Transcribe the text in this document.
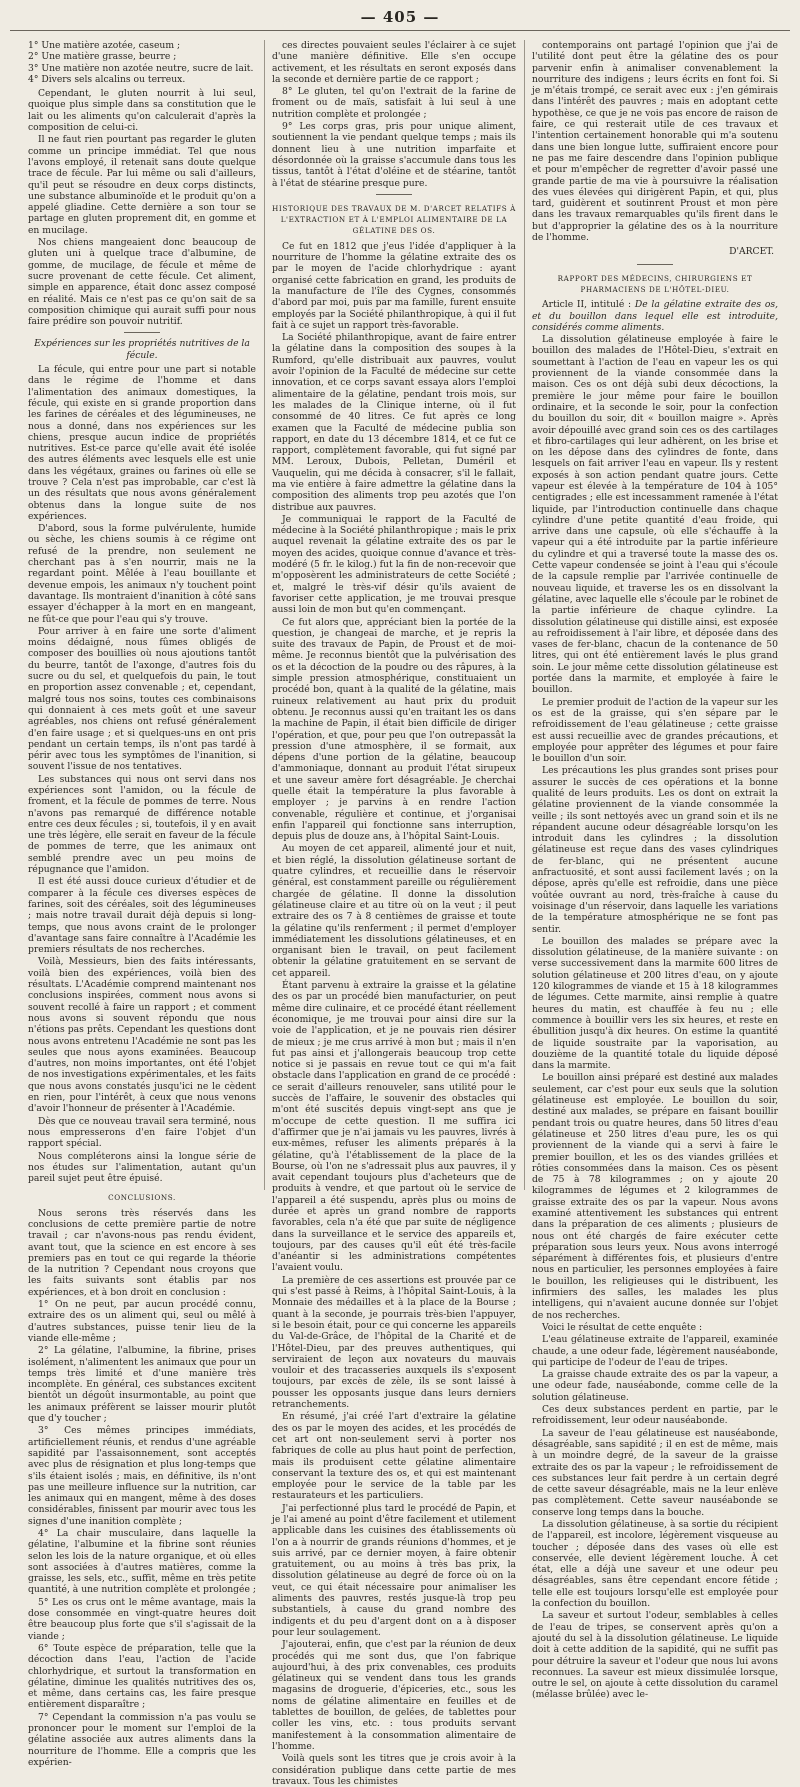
— 405 —
1° Une matière azotée, caseum ;
2° Une matière grasse, beurre ;
3° Une matière non azotée neutre, sucre de lait.
4° Divers sels alcalins ou terreux.

Cependant, le gluten nourrit à lui seul, quoique plus simple dans sa constitution que le lait ou les aliments qu'on calculerait d'après la composition de celui-ci.

Il ne faut rien pourtant pas regarder le gluten comme un principe immédiat. Tel que nous l'avons employé, il retenait sans doute quelque trace de fécule. Par lui même ou sali d'ailleurs, qu'il peut se résoudre en deux corps distincts, une substance albuminoïde et le produit qu'on a appelé gliadine. Cette dernière a son tour se partage en gluten proprement dit, en gomme et en mucilage.

Nos chiens mangeaient donc beaucoup de gluten uni à quelque trace d'albumine, de gomme, de mucilage, de fécule et même de sucre provenant de cette fécule. Cet aliment, simple en apparence, était donc assez composé en réalité. Mais ce n'est pas ce qu'on sait de sa composition chimique qui aurait suffi pour nous faire prédire son pouvoir nutritif.

Expériences sur les propriétés nutritives de la fécule.

La fécule, qui entre pour une part si notable dans le régime de l'homme et dans l'alimentation des animaux domestiques, la fécule, qui existe en si grande proportion dans les farines de céréales et des légumineuses, ne nous a donné, dans nos expériences sur les chiens, presque aucun indice de propriétés nutritives. Est-ce parce qu'elle avait été isolée des autres éléments avec lesquels elle est unie dans les végétaux, graines ou farines où elle se trouve ? Cela n'est pas improbable, car c'est là un des résultats que nous avons généralement obtenus dans la longue suite de nos expériences.

D'abord, sous la forme pulvérulente, humide ou sèche, les chiens soumis à ce régime ont refusé de la prendre, non seulement ne cherchant pas à s'en nourrir, mais ne la regardant point. Mêlée à l'eau bouillante et devenue empois, les animaux n'y touchent point davantage. Ils montraient d'inanition à côté sans essayer d'échapper à la mort en en mangeant, ne fût-ce que pour l'eau qui s'y trouve.

Pour arriver à en faire une sorte d'aliment moins dédaigné, nous fûmes obligés de composer des bouillies où nous ajoutions tantôt du beurre, tantôt de l'axonge, d'autres fois du sucre ou du sel, et quelquefois du pain, le tout en proportion assez convenable ; et, cependant, malgré tous nos soins, toutes ces combinaisons qui donnaient à ces mets goût et une saveur agréables, nos chiens ont refusé généralement d'en faire usage ; et si quelques-uns en ont pris pendant un certain temps, ils n'ont pas tardé à périr avec tous les symptômes de l'inanition, si souvent l'issue de nos tentatives.

Les substances qui nous ont servi dans nos expériences sont l'amidon, ou la fécule de froment, et la fécule de pommes de terre. Nous n'avons pas remarqué de différence notable entre ces deux fécules ; si, toutefois, il y en avait une très légère, elle serait en faveur de la fécule de pommes de terre, que les animaux ont semblé prendre avec un peu moins de répugnance que l'amidon.

Il est été aussi douce curieux d'étudier et de comparer à la fécule ces diverses espèces de farines, soit des céréales, soit des légumineuses ; mais notre travail durait déjà depuis si long-temps, que nous avons craint de le prolonger d'avantage sans faire connaître à l'Académie les premiers résultats de nos recherches.

Voilà, Messieurs, bien des faits intéressants, voilà bien des expériences, voilà bien des résultats. L'Académie comprend maintenant nos conclusions inspirées, comment nous avons si souvent recollé à faire un rapport ; et comment nous avons si souvent répondu que nous n'étions pas prêts. Cependant les questions dont nous avons entretenu l'Académie ne sont pas les seules que nous ayons examinées. Beaucoup d'autres, non moins importantes, ont été l'objet de nos investigations expérimentales, et les faits que nous avons constatés jusqu'ici ne le cèdent en rien, pour l'intérêt, à ceux que nous venons d'avoir l'honneur de présenter à l'Académie.

Dès que ce nouveau travail sera terminé, nous nous empresserons d'en faire l'objet d'un rapport spécial.

Nous compléterons ainsi la longue série de nos études sur l'alimentation, autant qu'un pareil sujet peut être épuisé.

CONCLUSIONS.

Nous serons très réservés dans les conclusions de cette première partie de notre travail ; car n'avons-nous pas rendu évident, avant tout, que la science en est encore à ses premiers pas en tout ce qui regarde la théorie de la nutrition ? Cependant nous croyons que les faits suivants sont établis par nos expériences, et à bon droit en conclusion :

1° On ne peut, par aucun procédé connu, extraire des os un aliment qui, seul ou mêlé à d'autres substances, puisse tenir lieu de la viande elle-même ;

2° La gélatine, l'albumine, la fibrine, prises isolément, n'alimentent les animaux que pour un temps très limité et d'une manière très incomplète. En général, ces substances excitent bientôt un dégoût insurmontable, au point que les animaux préfèrent se laisser mourir plutôt que d'y toucher ;

3° Ces mêmes principes immédiats, artificiellement réunis, et rendus d'une agréable sapidité par l'assaisonnement, sont acceptés avec plus de résignation et plus long-temps que s'ils étaient isolés ; mais, en définitive, ils n'ont pas une meilleure influence sur la nutrition, car les animaux qui en mangent, même à des doses considérables, finissent par mourir avec tous les signes d'une inanition complète ;

4° La chair musculaire, dans laquelle la gélatine, l'albumine et la fibrine sont réunies selon les lois de la nature organique, et où elles sont associées à d'autres matières, comme la graisse, les sels, etc., suffit, même en très petite quantité, à une nutrition complète et prolongée ;

5° Les os crus ont le même avantage, mais la dose consommée en vingt-quatre heures doit être beaucoup plus forte que s'il s'agissait de la viande ;

6° Toute espèce de préparation, telle que la décoction dans l'eau, l'action de l'acide chlorhydrique, et surtout la transformation en gélatine, diminue les qualités nutritives des os, et même, dans certains cas, les faire presque entièrement disparaître ;

7° Cependant la commission n'a pas voulu se prononcer pour le moment sur l'emploi de la gélatine associée aux autres aliments dans la nourriture de l'homme. Elle a compris que les expérien-

ces directes pouvaient seules l'éclairer à ce sujet d'une manière définitive. Elle s'en occupe activement, et les résultats en seront exposés dans la seconde et dernière partie de ce rapport ;

8° Le gluten, tel qu'on l'extrait de la farine de froment ou de maïs, satisfait à lui seul à une nutrition complète et prolongée ;

9° Les corps gras, pris pour unique aliment, soutiennent la vie pendant quelque temps ; mais ils donnent lieu à une nutrition imparfaite et désordonnée où la graisse s'accumule dans tous les tissus, tantôt à l'état d'oléine et de stéarine, tantôt à l'état de stéarine presque pure.

HISTORIQUE DES TRAVAUX DE M. D'ARCET RELATIFS À L'EXTRACTION ET À L'EMPLOI ALIMENTAIRE DE LA GÉLATINE DES OS.

Ce fut en 1812 que j'eus l'idée d'appliquer à la nourriture de l'homme la gélatine extraite des os par le moyen de l'acide chlorhydrique : ayant organisé cette fabrication en grand, les produits de la manufacture de l'île des Cygnes, consommés d'abord par moi, puis par ma famille, furent ensuite employés par la Société philanthropique, à qui il fut fait à ce sujet un rapport très-favorable.

La Société philanthropique, avant de faire entrer la gélatine dans la composition des soupes à la Rumford, qu'elle distribuait aux pauvres, voulut avoir l'opinion de la Faculté de médecine sur cette innovation, et ce corps savant essaya alors l'emploi alimentaire de la gélatine, pendant trois mois, sur les malades de la Clinique interne, où il fut consommé de 40 litres. Ce fut après ce long examen que la Faculté de médecine publia son rapport, en date du 13 décembre 1814, et ce fut ce rapport, complètement favorable, qui fut signé par MM. Leroux, Dubois, Pelletan, Duméril et Vauquelin, qui me décida à consacrer, s'il le fallait, ma vie entière à faire admettre la gélatine dans la composition des aliments trop peu azotés que l'on distribue aux pauvres.

Je communiquai le rapport de la Faculté de médecine à la Société philanthropique ; mais le prix auquel revenait la gélatine extraite des os par le moyen des acides, quoique connue d'avance et très-modéré (5 fr. le kilog.) fut la fin de non-recevoir que m'opposèrent les administrateurs de cette Société ; et, malgré le très-vif désir qu'ils avaient de favoriser cette application, je me trouvai presque aussi loin de mon but qu'en commençant.

Ce fut alors que, appréciant bien la portée de la question, je changeai de marche, et je repris la suite des travaux de Papin, de Proust et de moi-même. Je reconnus bientôt que la pulvérisation des os et la décoction de la poudre ou des râpures, à la simple pression atmosphérique, constituaient un procédé bon, quant à la qualité de la gélatine, mais ruineux relativement au haut prix du produit obtenu. Je reconnus aussi qu'en traitant les os dans la machine de Papin, il était bien difficile de diriger l'opération, et que, pour peu que l'on outrepassât la pression d'une atmosphère, il se formait, aux dépens d'une portion de la gélatine, beaucoup d'ammoniaque, donnant au produit l'état sirupeux et une saveur amère fort désagréable. Je cherchai quelle était la température la plus favorable à employer ; je parvins à en rendre l'action convenable, régulière et continue, et j'organisai enfin l'appareil qui fonctionne sans interruption, depuis plus de douze ans, à l'hôpital Saint-Louis.

Au moyen de cet appareil, alimenté jour et nuit, et bien réglé, la dissolution gélatineuse sortant de quatre cylindres, et recueillie dans le réservoir général, est constamment pareille ou régulièrement chargée de gélatine. Il donne la dissolution gélatineuse claire et au titre où on la veut ; il peut extraire des os 7 à 8 centièmes de graisse et toute la gélatine qu'ils renferment ; il permet d'employer immédiatement les dissolutions gélatineuses, et en organisant bien le travail, on peut facilement obtenir la gélatine gratuitement en se servant de cet appareil.

Étant parvenu à extraire la graisse et la gélatine des os par un procédé bien manufacturier, on peut même dire culinaire, et ce procédé étant réellement économique, je me trouvai pour ainsi dire sur la voie de l'application, et je ne pouvais rien désirer de mieux ; je me crus arrivé à mon but ; mais il n'en fut pas ainsi et j'allongerais beaucoup trop cette notice si je passais en revue tout ce qui m'a fait obstacle dans l'application en grand de ce procédé : ce serait d'ailleurs renouveler, sans utilité pour le succès de l'affaire, le souvenir des obstacles qui m'ont été suscités depuis vingt-sept ans que je m'occupe de cette question. Il me suffira ici d'affirmer que je n'ai jamais vu les pauvres, livrés à eux-mêmes, refuser les aliments préparés à la gélatine, qu'à l'établissement de la place de la Bourse, où l'on ne s'adressait plus aux pauvres, il y avait cependant toujours plus d'acheteurs que de produits à vendre, et que partout où le service de l'appareil a été suspendu, après plus ou moins de durée et après un grand nombre de rapports favorables, cela n'a été que par suite de négligence dans la surveillance et le service des appareils et, toujours, par des causes qu'il eût été très-facile d'anéantir si les administrations compétentes l'avaient voulu.

La première de ces assertions est prouvée par ce qui s'est passé à Reims, à l'hôpital Saint-Louis, à la Monnaie des médailles et à la place de la Bourse ; quant à la seconde, je pourrais très-bien l'appuyer, si le besoin était, pour ce qui concerne les appareils du Val-de-Grâce, de l'hôpital de la Charité et de l'Hôtel-Dieu, par des preuves authentiques, qui serviraient de leçon aux novateurs du mauvais vouloir et des tracasseries auxquels ils s'exposent toujours, par excès de zèle, ils se sont laissé à pousser les opposants jusque dans leurs derniers retranchements.

En résumé, j'ai créé l'art d'extraire la gélatine des os par le moyen des acides, et les procédés de cet art ont non-seulement servi à porter nos fabriques de colle au plus haut point de perfection, mais ils produisent cette gélatine alimentaire conservant la texture des os, et qui est maintenant employée pour le service de la table par les restaurateurs et les particuliers.

J'ai perfectionné plus tard le procédé de Papin, et je l'ai amené au point d'être facilement et utilement applicable dans les cuisines des établissements où l'on a à nourrir de grands réunions d'hommes, et je suis arrivé, par ce dernier moyen, à faire obtenir gratuitement, ou au moins à très bas prix, la dissolution gélatineuse au degré de force où on la veut, ce qui était nécessaire pour animaliser les aliments des pauvres, restés jusque-là trop peu substantiels, à cause du grand nombre des indigents et du peu d'argent dont on a à disposer pour leur soulagement.

J'ajouterai, enfin, que c'est par la réunion de deux procédés qui me sont dus, que l'on fabrique aujourd'hui, à des prix convenables, ces produits gélatineux qui se vendent dans tous les grands magasins de droguerie, d'épiceries, etc., sous les noms de gélatine alimentaire en feuilles et de tablettes de bouillon, de gelées, de tablettes pour coller les vins, etc. : tous produits servant manifestement à la consommation alimentaire de l'homme.

Voilà quels sont les titres que je crois avoir à la considération publique dans cette partie de mes travaux. Tous les chimistes

contemporains ont partagé l'opinion que j'ai de l'utilité dont peut être la gélatine des os pour parvenir enfin à animaliser convenablement la nourriture des indigens ; leurs écrits en font foi. Si je m'étais trompé, ce serait avec eux : j'en gémirais dans l'intérêt des pauvres ; mais en adoptant cette hypothèse, ce que je ne vois pas encore de raison de faire, ce qui resterait utile de ces travaux et l'intention certainement honorable qui m'a soutenu dans une bien longue lutte, suffiraient encore pour ne pas me faire descendre dans l'opinion publique et pour m'empêcher de regretter d'avoir passé une grande partie de ma vie à poursuivre la réalisation des vues élevées qui dirigèrent Papin, et qui, plus tard, guidèrent et soutinrent Proust et mon père dans les travaux remarquables qu'ils firent dans le but d'approprier la gélatine des os à la nourriture de l'homme.

D'ARCET.

RAPPORT DES MÉDECINS, CHIRURGIENS ET PHARMACIENS DE L'HÔTEL-DIEU.

Article II, intitulé : De la gélatine extraite des os, et du bouillon dans lequel elle est introduite, considérés comme aliments.

La dissolution gélatineuse employée à faire le bouillon des malades de l'Hôtel-Dieu, s'extrait en soumettant à l'action de l'eau en vapeur les os qui proviennent de la viande consommée dans la maison. Ces os ont déjà subi deux décoctions, la première le jour même pour faire le bouillon ordinaire, et la seconde le soir, pour la confection du bouillon du soir, dit « bouillon maigre ». Après avoir dépouillé avec grand soin ces os des cartilages et fibro-cartilages qui leur adhèrent, on les brise et on les dépose dans des cylindres de fonte, dans lesquels on fait arriver l'eau en vapeur. Ils y restent exposés à son action pendant quatre jours. Cette vapeur est élevée à la température de 104 à 105° centigrades ; elle est incessamment ramenée à l'état liquide, par l'introduction continuelle dans chaque cylindre d'une petite quantité d'eau froide, qui arrive dans une capsule, où elle s'échauffe à la vapeur qui a été introduite par la partie inférieure du cylindre et qui a traversé toute la masse des os. Cette vapeur condensée se joint à l'eau qui s'écoule de la capsule remplie par l'arrivée continuelle de nouveau liquide, et traverse les os en dissolvant la gélatine, avec laquelle elle s'écoule par le robinet de la partie inférieure de chaque cylindre. La dissolution gélatineuse qui distille ainsi, est exposée au refroidissement à l'air libre, et déposée dans des vases de fer-blanc, chacun de la contenance de 50 litres, qui ont été entièrement lavés le plus grand soin. Le jour même cette dissolution gélatineuse est portée dans la marmite, et employée à faire le bouillon.

Le premier produit de l'action de la vapeur sur les os est de la graisse, qui s'en sépare par le refroidissement de l'eau gélatineuse ; cette graisse est aussi recueillie avec de grandes précautions, et employée pour apprêter des légumes et pour faire le bouillon d'un soir.

Les précautions les plus grandes sont prises pour assurer le succès de ces opérations et la bonne qualité de leurs produits. Les os dont on extrait la gélatine proviennent de la viande consommée la veille ; ils sont nettoyés avec un grand soin et ils ne répandent aucune odeur désagréable lorsqu'on les introduit dans les cylindres ; la dissolution gélatineuse est reçue dans des vases cylindriques de fer-blanc, qui ne présentent aucune anfractuosité, et sont aussi facilement lavés ; on la dépose, après qu'elle est refroidie, dans une pièce voûtée ouvrant au nord, très-fraîche à cause du voisinage d'un réservoir, dans laquelle les variations de la température atmosphérique ne se font pas sentir.

Le bouillon des malades se prépare avec la dissolution gélatineuse, de la manière suivante : on verse successivement dans la marmite 600 litres de solution gélatineuse et 200 litres d'eau, on y ajoute 120 kilogrammes de viande et 15 à 18 kilogrammes de légumes. Cette marmite, ainsi remplie à quatre heures du matin, est chauffée à feu nu ; elle commence à bouillir vers les six heures, et reste en ébullition jusqu'à dix heures. On estime la quantité de liquide soustraite par la vaporisation, au douzième de la quantité totale du liquide déposé dans la marmite.

Le bouillon ainsi préparé est destiné aux malades seulement, car c'est pour eux seuls que la solution gélatineuse est employée. Le bouillon du soir, destiné aux malades, se prépare en faisant bouillir pendant trois ou quatre heures, dans 50 litres d'eau gélatineuse et 250 litres d'eau pure, les os qui proviennent de la viande qui a servi à faire le premier bouillon, et les os des viandes grillées et rôties consommées dans la maison. Ces os pèsent de 75 à 78 kilogrammes ; on y ajoute 20 kilogrammes de légumes et 2 kilogrammes de graisse extraite des os par la vapeur. Nous avons examiné attentivement les substances qui entrent dans la préparation de ces aliments ; plusieurs de nous ont été chargés de faire exécuter cette préparation sous leurs yeux. Nous avons interrogé séparément à différentes fois, et plusieurs d'entre nous en particulier, les personnes employées à faire le bouillon, les religieuses qui le distribuent, les infirmiers des salles, les malades les plus intelligens, qui n'avaient aucune donnée sur l'objet de nos recherches.

Voici le résultat de cette enquête :

L'eau gélatineuse extraite de l'appareil, examinée chaude, a une odeur fade, légèrement nauséabonde, qui participe de l'odeur de l'eau de tripes.

La graisse chaude extraite des os par la vapeur, a une odeur fade, nauséabonde, comme celle de la solution gélatineuse.

Ces deux substances perdent en partie, par le refroidissement, leur odeur nauséabonde.

La saveur de l'eau gélatineuse est nauséabonde, désagréable, sans sapidité ; il en est de même, mais à un moindre degré, de la saveur de la graisse extraite des os par la vapeur ; le refroidissement de ces substances leur fait perdre à un certain degré de cette saveur désagréable, mais ne la leur enlève pas complètement. Cette saveur nauséabonde se conserve long temps dans la bouche.

La dissolution gélatineuse, à sa sortie du récipient de l'appareil, est incolore, légèrement visqueuse au toucher ; déposée dans des vases où elle est conservée, elle devient légèrement louche. À cet état, elle a déjà une saveur et une odeur peu désagréables, sans être cependant encore fétide ; telle elle est toujours lorsqu'elle est employée pour la confection du bouillon.

La saveur et surtout l'odeur, semblables à celles de l'eau de tripes, se conservent après qu'on a ajouté du sel à la dissolution gélatineuse. Le liquide doit à cette addition de la sapidité, qui ne suffit pas pour détruire la saveur et l'odeur que nous lui avons reconnues. La saveur est mieux dissimulée lorsque, outre le sel, on ajoute à cette dissolution du caramel (mélasse brûlée) avec le-
